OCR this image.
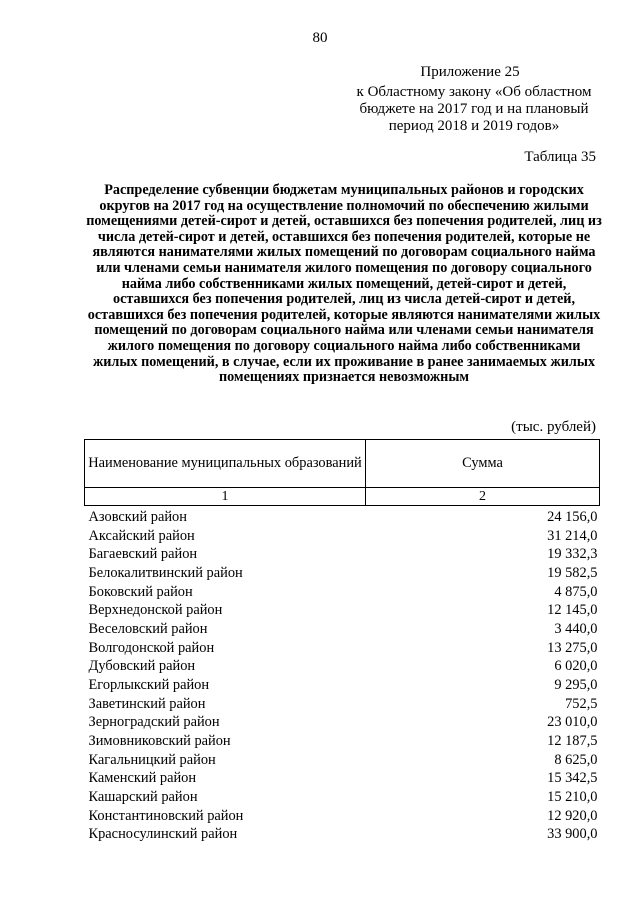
80
Приложение 25
к Областному закону «Об областном бюджете на 2017 год и на плановый период 2018 и 2019 годов»
Таблица 35
Распределение субвенции бюджетам муниципальных районов и городских округов на 2017 год на осуществление полномочий по обеспечению жилыми помещениями детей-сирот и детей, оставшихся без попечения родителей, лиц из числа детей-сирот и детей, оставшихся без попечения родителей, которые не являются нанимателями жилых помещений по договорам социального найма или членами семьи нанимателя жилого помещения по договору социального найма либо собственниками жилых помещений, детей-сирот и детей, оставшихся без попечения родителей, лиц из числа детей-сирот и детей, оставшихся без попечения родителей, которые являются нанимателями жилых помещений по договорам социального найма или членами семьи нанимателя жилого помещения по договору социального найма либо собственниками жилых помещений, в случае, если их проживание в ранее занимаемых жилых помещениях признается невозможным
(тыс. рублей)
Наименование муниципальных образований	Сумма
1	2
Азовский район	24 156,0
Аксайский район	31 214,0
Багаевский район	19 332,3
Белокалитвинский район	19 582,5
Боковский район	4 875,0
Верхнедонской район	12 145,0
Веселовский район	3 440,0
Волгодонской район	13 275,0
Дубовский район	6 020,0
Егорлыкский район	9 295,0
Заветинский район	752,5
Зерноградский район	23 010,0
Зимовниковский район	12 187,5
Кагальницкий район	8 625,0
Каменский район	15 342,5
Кашарский район	15 210,0
Константиновский район	12 920,0
Красносулинский район	33 900,0
